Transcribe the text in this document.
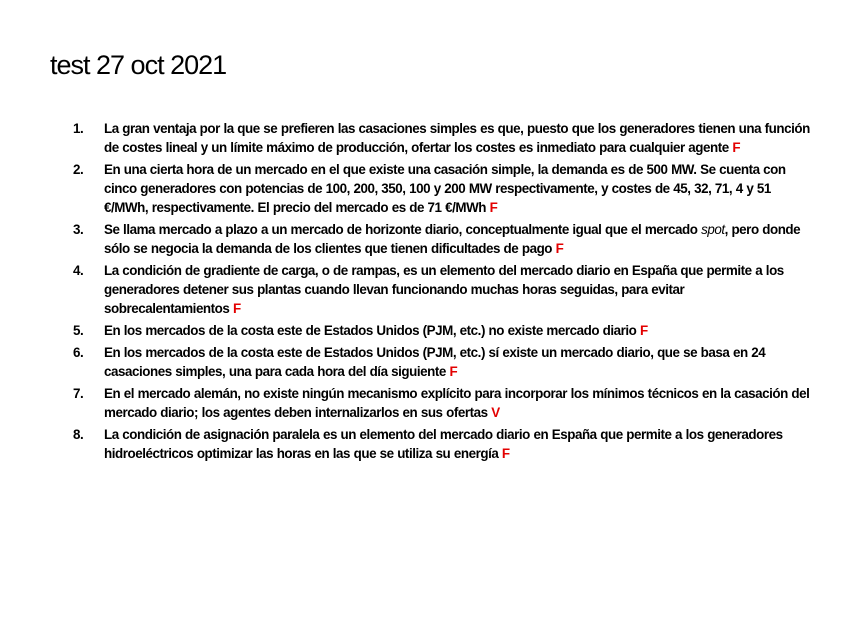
test 27 oct 2021
1. La gran ventaja por la que se prefieren las casaciones simples es que, puesto que los generadores tienen una función de costes lineal y un límite máximo de producción, ofertar los costes es inmediato para cualquier agente F
2. En una cierta hora de un mercado en el que existe una casación simple, la demanda es de 500 MW. Se cuenta con cinco generadores con potencias de 100, 200, 350, 100 y 200 MW respectivamente, y costes de 45, 32, 71, 4 y 51 €/MWh, respectivamente. El precio del mercado es de 71 €/MWh F
3. Se llama mercado a plazo a un mercado de horizonte diario, conceptualmente igual que el mercado spot, pero donde sólo se negocia la demanda de los clientes que tienen dificultades de pago F
4. La condición de gradiente de carga, o de rampas, es un elemento del mercado diario en España que permite a los generadores detener sus plantas cuando llevan funcionando muchas horas seguidas, para evitar sobrecalentamientos F
5. En los mercados de la costa este de Estados Unidos (PJM, etc.) no existe mercado diario F
6. En los mercados de la costa este de Estados Unidos (PJM, etc.) sí existe un mercado diario, que se basa en 24 casaciones simples, una para cada hora del día siguiente F
7. En el mercado alemán, no existe ningún mecanismo explícito para incorporar los mínimos técnicos en la casación del mercado diario; los agentes deben internalizarlos en sus ofertas V
8. La condición de asignación paralela es un elemento del mercado diario en España que permite a los generadores hidroeléctricos optimizar las horas en las que se utiliza su energía F
